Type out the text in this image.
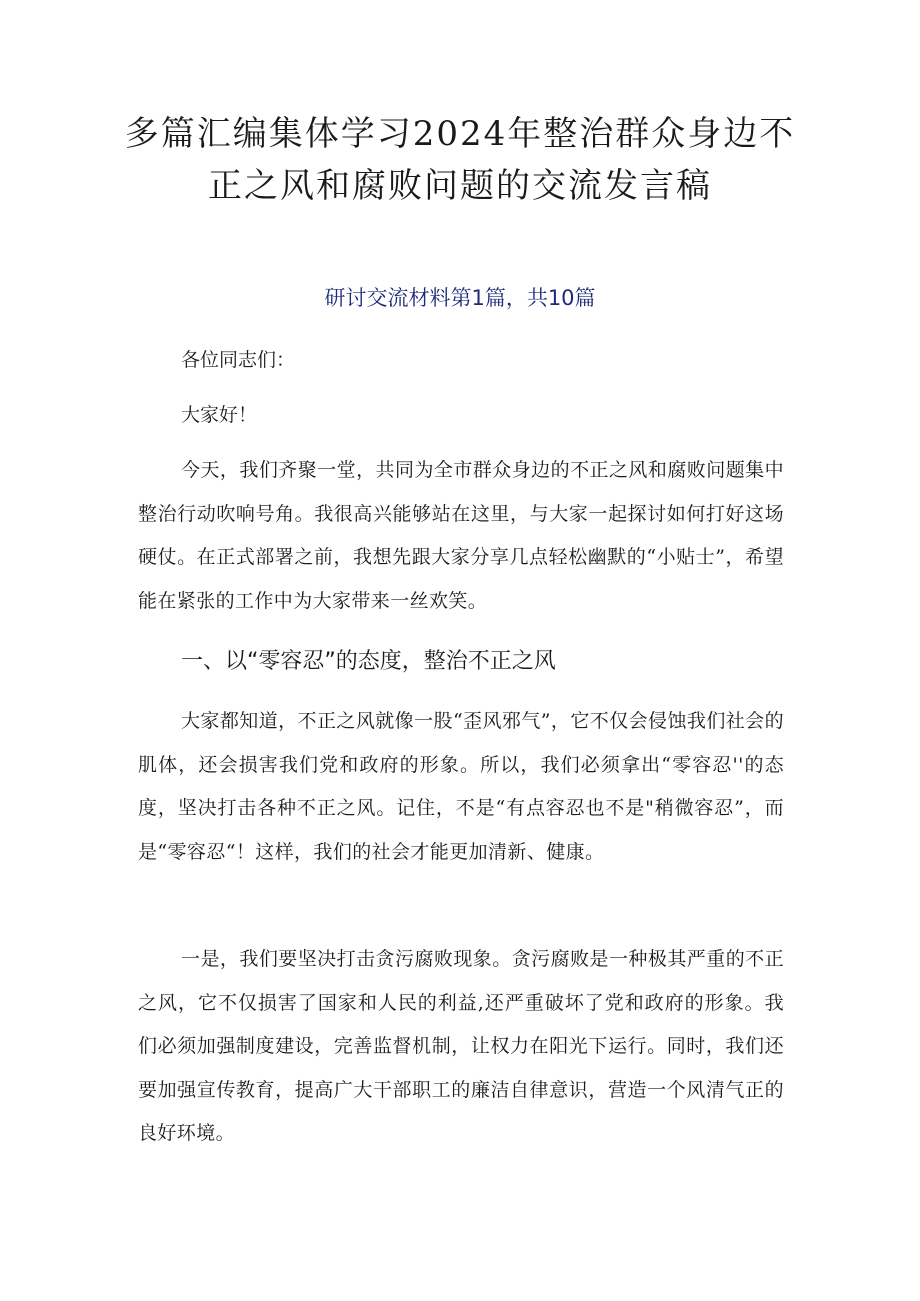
多篇汇编集体学习2024年整治群众身边不正之风和腐败问题的交流发言稿
研讨交流材料第1篇，共10篇

各位同志们：

大家好！

今天，我们齐聚一堂，共同为全市群众身边的不正之风和腐败问题集中整治行动吹响号角。我很高兴能够站在这里，与大家一起探讨如何打好这场硬仗。在正式部署之前，我想先跟大家分享几点轻松幽默的“小贴士”，希望能在紧张的工作中为大家带来一丝欢笑。

一、以“零容忍”的态度，整治不正之风

大家都知道，不正之风就像一股“歪风邪气”，它不仅会侵蚀我们社会的肌体，还会损害我们党和政府的形象。所以，我们必须拿出“零容忍''的态度，坚决打击各种不正之风。记住，不是“有点容忍也不是"稍微容忍”，而是“零容忍“！这样，我们的社会才能更加清新、健康。

一是，我们要坚决打击贪污腐败现象。贪污腐败是一种极其严重的不正之风，它不仅损害了国家和人民的利益,还严重破坏了党和政府的形象。我们必须加强制度建设，完善监督机制，让权力在阳光下运行。同时，我们还要加强宣传教育，提高广大干部职工的廉洁自律意识，营造一个风清气正的良好环境。
